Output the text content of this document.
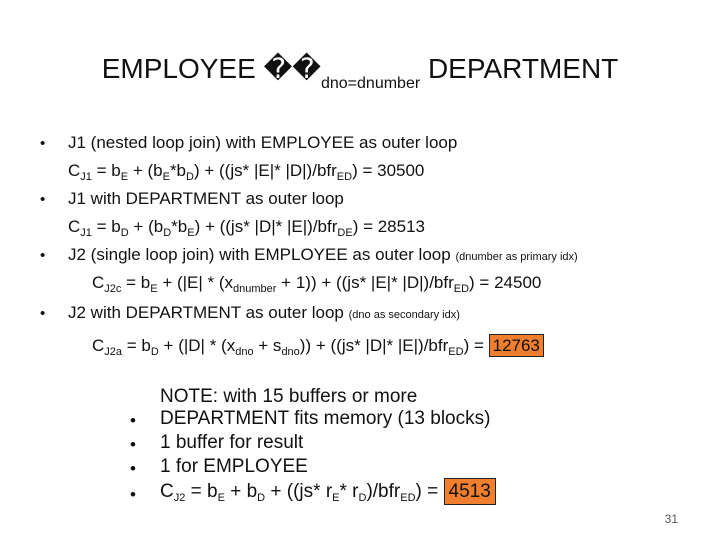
EMPLOYEE $��_{dno=dnumber}$ DEPARTMENT
• J1 (nested loop join) with EMPLOYEE as outer loop
$C_{J1} = b_E + (b_E*b_D) + ((js*$ |E|* |D|)/bfr$_{ED}$) = 30500
• J1 with DEPARTMENT as outer loop
$C_{J1} = b_D + (b_D*b_E) + ((js*$ |D|* |E|)/bfr$_{DE}$) = 28513
• J2 (single loop join) with EMPLOYEE as outer loop (dnumber as primary idx)
$C_{J2c} = b_E + (|E| * (x_{dnumber} + 1)) + ((js*$ |E|* |D|)/bfr$_{ED}$) = 24500
• J2 with DEPARTMENT as outer loop (dno as secondary idx)
$C_{J2a} = b_D + (|D| * (x_{dno} + s_{dno})) + ((js*$ |D|* |E|)/bfr$_{ED}$) = 12763
NOTE: with 15 buffers or more
• DEPARTMENT fits memory (13 blocks)
• 1 buffer for result
• 1 for EMPLOYEE
• $C_{J2} = b_E + b_D + ((js*$ $r_E*$ $r_D)/bfr_{ED}) = 4513$
31
